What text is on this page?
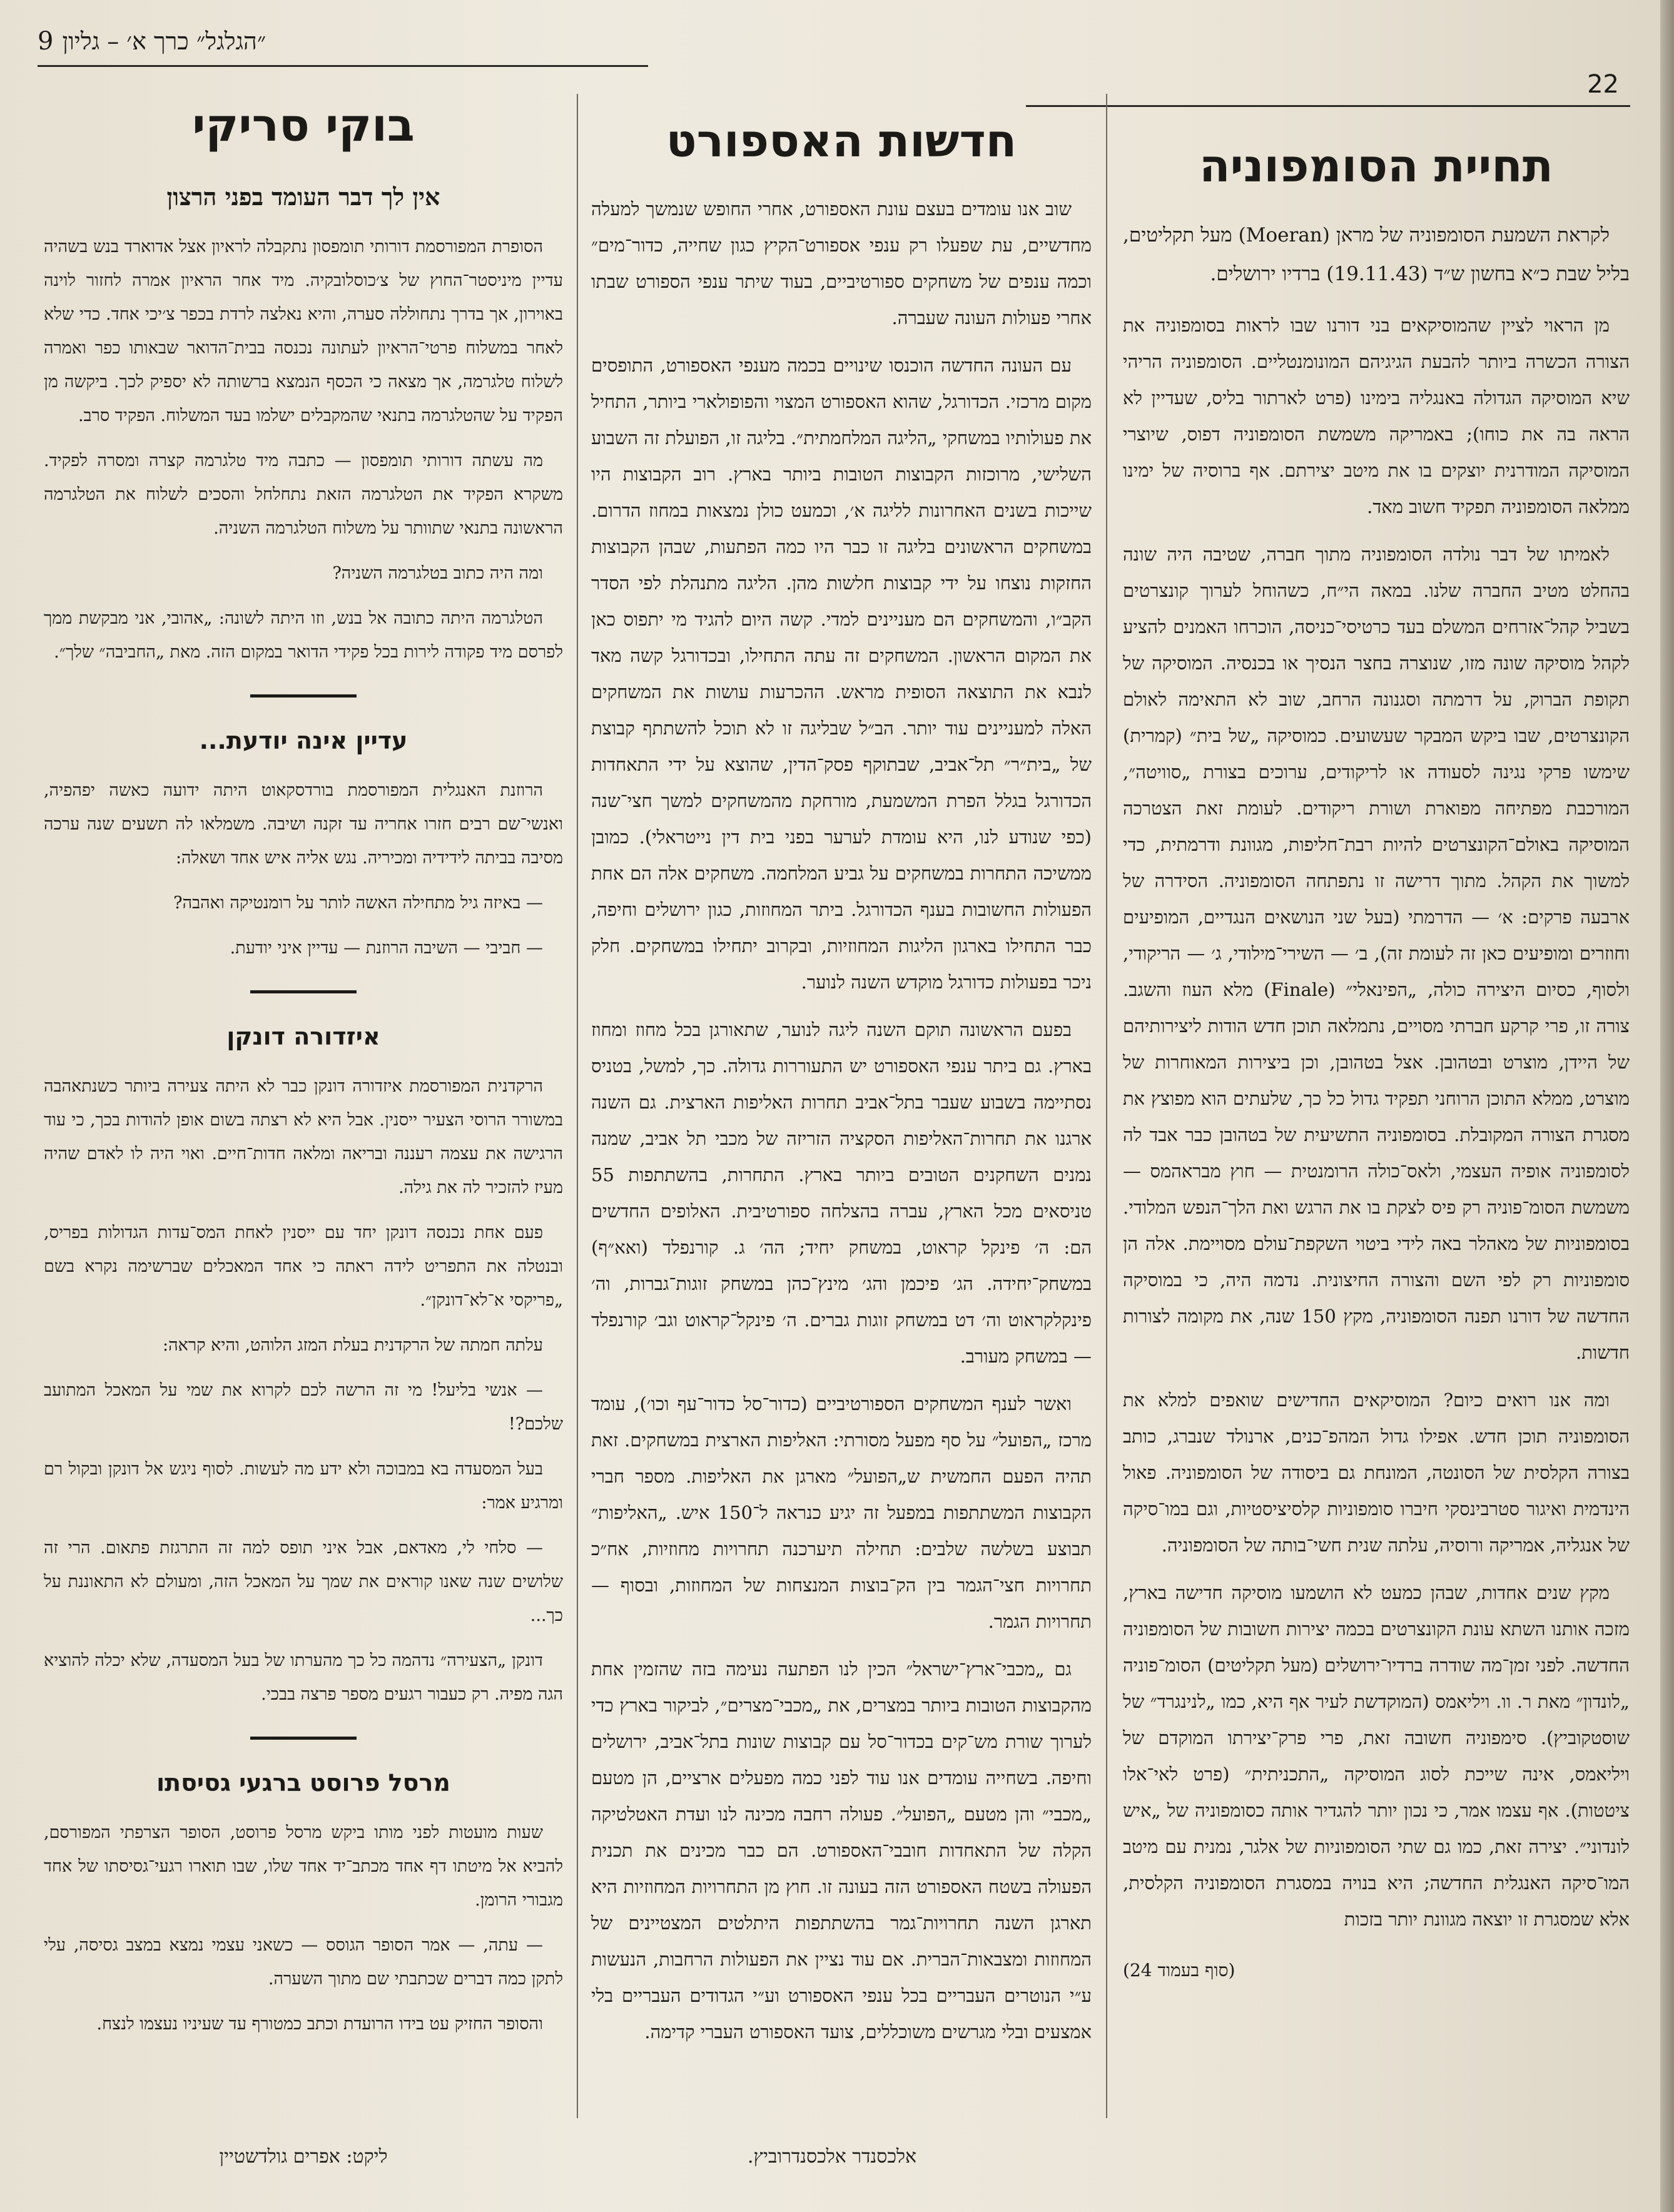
״הגלגל״ כרך א׳ – גליון
9
22
תחיית הסומפוניה

לקראת השמעת הסומפוניה של מראן (Moeran) מעל תקליטים, בליל שבת כ״א בחשון ש״ד (19.11.43) ברדיו ירושלים.

מן הראוי לציין שהמוסיקאים בני דורנו שבו לראות בסומפוניה את הצורה הכשרה ביותר להבעת הגיגיהם המונומנטליים. הסומפוניה הריהי שיא המוסיקה הגדולה באנגליה בימינו (פרט לארתור בליס, שעדיין לא הראה בה את כוחו); באמריקה משמשת הסומפוניה דפוס, שיוצרי המוסיקה המודרנית יוצקים בו את מיטב יצירתם. אף ברוסיה של ימינו ממלאה הסומפוניה תפקיד חשוב מאד.

לאמיתו של דבר נולדה הסומפוניה מתוך חברה, שטיבה היה שונה בהחלט מטיב החברה שלנו. במאה הי״ח, כשהוחל לערוך קונצרטים בשביל קהל־אזרחים המשלם בעד כרטיסי־כניסה, הוכרחו האמנים להציע לקהל מוסיקה שונה מזו, שנוצרה בחצר הנסיך או בכנסיה. המוסיקה של תקופת הברוק, על דרמתה וסגנונה הרחב, שוב לא התאימה לאולם הקונצרטים, שבו ביקש המבקר שעשועים. כמוסיקה „של בית״ (קמרית) שימשו פרקי נגינה לסעודה או לריקודים, ערוכים בצורת „סוויטה״, המורכבת מפתיחה מפוארת ושורת ריקודים. לעומת זאת הצטרכה המוסיקה באולם־הקונצרטים להיות רבת־חליפות, מגוונת ודרמתית, כדי למשוך את הקהל. מתוך דרישה זו נתפתחה הסומפוניה. הסידרה של ארבעה פרקים: א׳ — הדרמתי (בעל שני הנושאים הנגדיים, המופיעים וחוזרים ומופיעים כאן זה לעומת זה), ב׳ — השירי־מילודי, ג׳ — הריקודי, ולסוף, כסיום היצירה כולה, „הפינאלי״ (Finale) מלא העוז והשגב. צורה זו, פרי קרקע חברתי מסויים, נתמלאה תוכן חדש הודות ליצירותיהם של היידן, מוצרט ובטהובן. אצל בטהובן, וכן ביצירות המאוחרות של מוצרט, ממלא התוכן הרוחני תפקיד גדול כל כך, שלעתים הוא מפוצץ את מסגרת הצורה המקובלת. בסומפוניה התשיעית של בטהובן כבר אבד לה לסומפוניה אופיה העצמי, ולאס־כולה הרומנטית — חוץ מבראהמס — משמשת הסומ־פוניה רק פיס לצקת בו את הרגש ואת הלך־הנפש המלודי. בסומפוניות של מאהלר באה לידי ביטוי השקפת־עולם מסויימת. אלה הן סומפוניות רק לפי השם והצורה החיצונית. נדמה היה, כי במוסיקה החדשה של דורנו תפנה הסומפוניה, מקץ 150 שנה, את מקומה לצורות חדשות.

ומה אנו רואים כיום? המוסיקאים החדישים שואפים למלא את הסומפוניה תוכן חדש. אפילו גדול המהפ־כנים, ארנולד שנברג, כותב בצורה הקלסית של הסונטה, המונחת גם ביסודה של הסומפוניה. פאול הינדמית ואיגור סטרבינסקי חיברו סומפוניות קלסיציסטיות, וגם במו־סיקה של אנגליה, אמריקה ורוסיה, עלתה שנית חשי־בותה של הסומפוניה.

מקץ שנים אחדות, שבהן כמעט לא הושמעו מוסיקה חדישה בארץ, מזכה אותנו השתא עונת הקונצרטים בכמה יצירות חשובות של הסומפוניה החדשה. לפני זמן־מה שודרה ברדיו־ירושלים (מעל תקליטים) הסומ־פוניה „לונדון״ מאת ר. וו. ויליאמס (המוקדשת לעיר אף היא, כמו „לנינגרד״ של שוסטקוביץ). סימפוניה חשובה זאת, פרי פרק־יצירתו המוקדם של ויליאמס, אינה שייכת לסוג המוסיקה „התכניתית״ (פרט לאי־אלו ציטטות). אף עצמו אמר, כי נכון יותר להגדיר אותה כסומפוניה של „איש לונדוני״. יצירה זאת, כמו גם שתי הסומפוניות של אלגר, נמנית עם מיטב המו־סיקה האנגלית החדשה; היא בנויה במסגרת הסומפוניה הקלסית, אלא שמסגרת זו יוצאה מגוונת יותר בזכות

(סוף בעמוד 24)
חדשות האספורט

שוב אנו עומדים בעצם עונת האספורט, אחרי החופש שנמשך למעלה מחדשיים, עת שפעלו רק ענפי אספורט־הקיץ כגון שחייה, כדור־מים״ וכמה ענפים של משחקים ספורטיביים, בעוד שיתר ענפי הספורט שבתו אחרי פעולות העונה שעברה.

עם העונה החדשה הוכנסו שינויים בכמה מענפי האספורט, התופסים מקום מרכזי. הכדורגל, שהוא האספורט המצוי והפופולארי ביותר, התחיל את פעולותיו במשחקי „הליגה המלחמתית״. בליגה זו, הפועלת זה השבוע השלישי, מרוכזות הקבוצות הטובות ביותר בארץ. רוב הקבוצות היו שייכות בשנים האחרונות לליגה א׳, וכמעט כולן נמצאות במחוז הדרום. במשחקים הראשונים בליגה זו כבר היו כמה הפתעות, שבהן הקבוצות החזקות נוצחו על ידי קבוצות חלשות מהן. הליגה מתנהלת לפי הסדר הקב״ו, והמשחקים הם מעניינים למדי. קשה היום להגיד מי יתפוס כאן את המקום הראשון. המשחקים זה עתה התחילו, ובכדורגל קשה מאד לנבא את התוצאה הסופית מראש. ההכרעות עושות את המשחקים האלה למעניינים עוד יותר. הב״ל שבליגה זו לא תוכל להשתתף קבוצת של „בית״ר״ תל־אביב, שבתוקף פסק־הדין, שהוצא על ידי התאחדות הכדורגל בגלל הפרת המשמעת, מורחקת מהמשחקים למשך חצי־שנה (כפי שנודע לנו, היא עומדת לערער בפני בית דין נייטראלי). כמובן ממשיכה התחרות במשחקים על גביע המלחמה. משחקים אלה הם אחת הפעולות החשובות בענף הכדורגל. ביתר המחוזות, כגון ירושלים וחיפה, כבר התחילו בארגון הליגות המחוזיות, ובקרוב יתחילו במשחקים. חלק ניכר בפעולות כדורגל מוקדש השנה לנוער.

בפעם הראשונה תוקם השנה ליגה לנוער, שתאורגן בכל מחוז ומחוז בארץ. גם ביתר ענפי האספורט יש התעוררות גדולה. כך, למשל, בטניס נסתיימה בשבוע שעבר בתל־אביב תחרות האליפות הארצית. גם השנה ארגנו את תחרות־האליפות הסקציה הזריזה של מכבי תל אביב, שמנה נמנים השחקנים הטובים ביותר בארץ. התחרות, בהשתתפות 55 טניסאים מכל הארץ, עברה בהצלחה ספורטיבית. האלופים החדשים הם: ה׳ פינקל קראוט, במשחק יחיד; הה׳ ג. קורנפלד (ואא״ף) במשחק־יחידה. הג׳ פיכמן והג׳ מינץ־כהן במשחק זוגות־גברות, וה׳ פינקלקראוט וה׳ דט במשחק זוגות גברים. ה׳ פינקל־קראוט וגב׳ קורנפלד — במשחק מעורב.

ואשר לענף המשחקים הספורטיביים (כדור־סל כדור־עף וכו׳), עומד מרכז „הפועל״ על סף מפעל מסורתי: האליפות הארצית במשחקים. זאת תהיה הפעם החמשית ש„הפועל״ מארגן את האליפות. מספר חברי הקבוצות המשתתפות במפעל זה יגיע כנראה ל־150 איש. „האליפות״ תבוצע בשלשה שלבים: תחילה תיערכנה תחרויות מחוזיות, אח״כ תחרויות חצי־הגמר בין הק־בוצות המנצחות של המחוזות, ובסוף — תחרויות הגמר.

גם „מכבי־ארץ־ישראל״ הכין לנו הפתעה נעימה בזה שהזמין אחת מהקבוצות הטובות ביותר במצרים, את „מכבי־מצרים״, לביקור בארץ כדי לערוך שורת מש־קים בכדור־סל עם קבוצות שונות בתל־אביב, ירושלים וחיפה. בשחייה עומדים אנו עוד לפני כמה מפעלים ארציים, הן מטעם „מכבי״ והן מטעם „הפועל״. פעולה רחבה מכינה לנו ועדת האטלטיקה הקלה של התאחדות חובבי־האספורט. הם כבר מכינים את תכנית הפעולה בשטח האספורט הזה בעונה זו. חוץ מן התחרויות המחוזיות היא תארגן השנה תחרויות־גמר בהשתתפות היתלטים המצטיינים של המחוזות ומצבאות־הברית. אם עוד נציין את הפעולות הרחבות, הנעשות ע״י הנוטרים העבריים בכל ענפי האספורט וע״י הגדודים העבריים בלי אמצעים ובלי מגרשים משוכללים, צועד האספורט העברי קדימה.

בוקי סריקי
אין לך דבר העומד בפני הרצון

הסופרת המפורסמת דורותי תומפסון נתקבלה לראיון אצל אדוארד בנש בשהיה עדיין מיניסטר־החוץ של צ׳כוסלובקיה. מיד אחר הראיון אמרה לחזור לוינה באוירון, אך בדרך נתחוללה סערה, והיא נאלצה לרדת בכפר צ׳יכי אחד. כדי שלא לאחר במשלוח פרטי־הראיון לעתונה נכנסה בבית־הדואר שבאותו כפר ואמרה לשלוח טלגרמה, אך מצאה כי הכסף הנמצא ברשותה לא יספיק לכך. ביקשה מן הפקיד על שהטלגרמה בתנאי שהמקבלים ישלמו בעד המשלוח. הפקיד סרב.

מה עשתה דורותי תומפסון — כתבה מיד טלגרמה קצרה ומסרה לפקיד. משקרא הפקיד את הטלגרמה הזאת נתחלחל והסכים לשלוח את הטלגרמה הראשונה בתנאי שתוותר על משלוח הטלגרמה השניה.

ומה היה כתוב בטלגרמה השניה?

הטלגרמה היתה כתובה אל בנש, וזו היתה לשונה: „אהובי, אני מבקשת ממך לפרסם מיד פקודה לירות בכל פקידי הדואר במקום הזה. מאת „החביבה״ שלך״.

עדיין אינה יודעת...

הרוזנת האנגלית המפורסמת בורדסקאוט היתה ידועה כאשה יפהפיה, ואנשי־שם רבים חזרו אחריה עד זקנה ושיבה. משמלאו לה תשעים שנה ערכה מסיבה בביתה לידידיה ומכיריה. נגש אליה איש אחד ושאלה:

— באיזה גיל מתחילה האשה לותר על רומנטיקה ואהבה?

— חביבי — השיבה הרוזנת — עדיין איני יודעת.

איזדורה דונקן

הרקדנית המפורסמת איזדורה דונקן כבר לא היתה צעירה ביותר כשנתאהבה במשורר הרוסי הצעיר ייסנין. אבל היא לא רצתה בשום אופן להודות בכך, כי עוד הרגישה את עצמה רעננה ובריאה ומלאה חדות־חיים. ואוי היה לו לאדם שהיה מעיז להזכיר לה את גילה.

פעם אחת נכנסה דונקן יחד עם ייסנין לאחת המס־עדות הגדולות בפריס, ובנטלה את התפריט לידה ראתה כי אחד המאכלים שברשימה נקרא בשם „פריקסי א־לא־דונקן״.

עלתה חמתה של הרקדנית בעלת המזג הלוהט, והיא קראה:

— אנשי בליעל! מי זה הרשה לכם לקרוא את שמי על המאכל המתועב שלכם?!

בעל המסעדה בא במבוכה ולא ידע מה לעשות. לסוף ניגש אל דונקן ובקול רם ומרגיע אמר:

— סלחי לי, מאדאם, אבל איני תופס למה זה התרגזת פתאום. הרי זה שלושים שנה שאנו קוראים את שמך על המאכל הזה, ומעולם לא התאוננת על כך...

דונקן „הצעירה״ נדהמה כל כך מהערתו של בעל המסעדה, שלא יכלה להוציא הגה מפיה. רק כעבור רגעים מספר פרצה בבכי.

מרסל פרוסט ברגעי גסיסתו

שעות מועטות לפני מותו ביקש מרסל פרוסט, הסופר הצרפתי המפורסם, להביא אל מיטתו דף אחד מכתב־יד אחד שלו, שבו תוארו רגעי־גסיסתו של אחד מגבורי הרומן.

— עתה, — אמר הסופר הגוסס — כשאני עצמי נמצא במצב גסיסה, עלי לתקן כמה דברים שכתבתי שם מתוך השערה.

והסופר החזיק עט בידו הרועדת וכתב כמטורף עד שעיניו נעצמו לנצח.

אלכסנדר אלכסנדרוביץ.
ליקט: אפרים גולדשטיין
